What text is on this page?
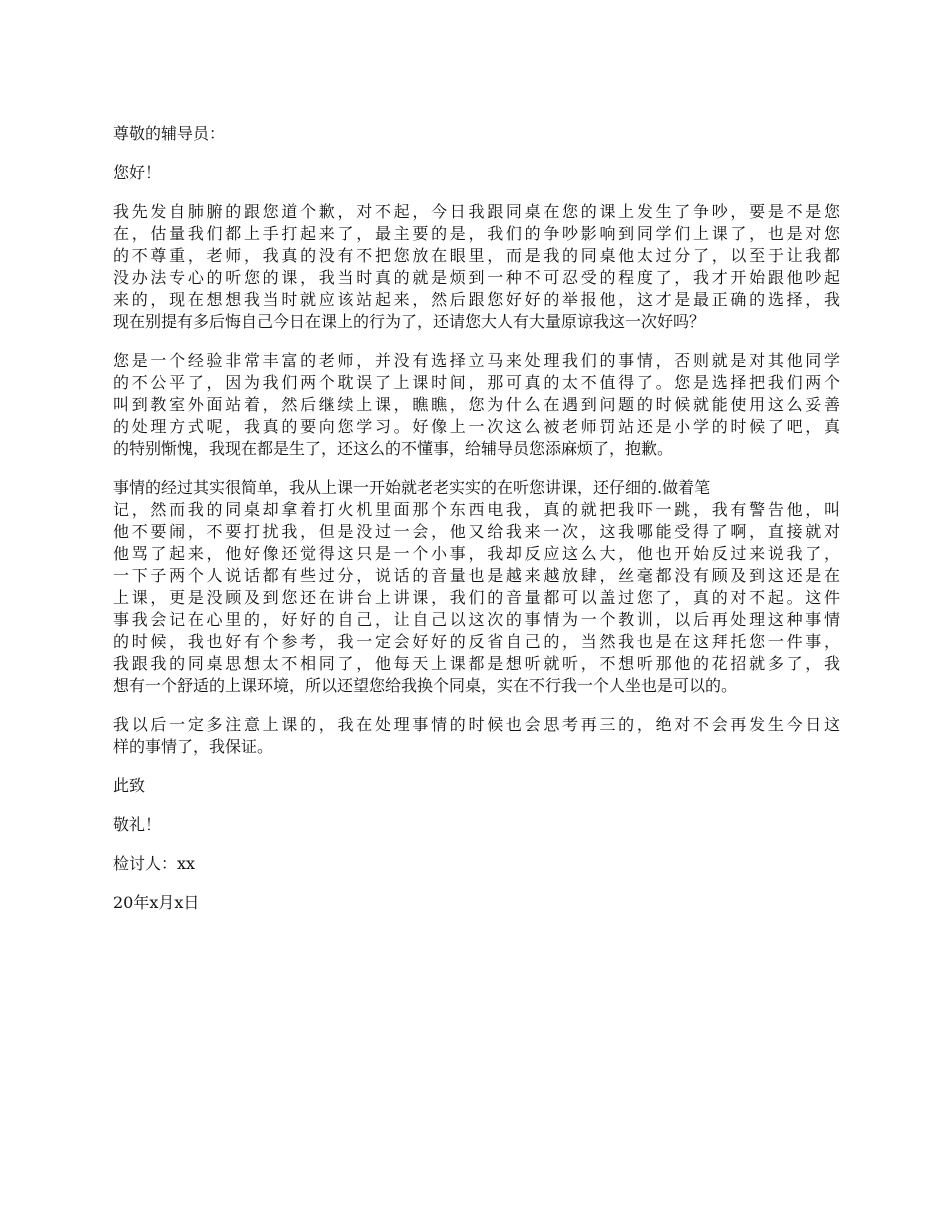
尊敬的辅导员：
您好！
我先发自肺腑的跟您道个歉，对不起，今日我跟同桌在您的课上发生了争吵，要是不是您
在，估量我们都上手打起来了，最主要的是，我们的争吵影响到同学们上课了，也是对您
的不尊重，老师，我真的没有不把您放在眼里，而是我的同桌他太过分了，以至于让我都
没办法专心的听您的课，我当时真的就是烦到一种不可忍受的程度了，我才开始跟他吵起
来的，现在想想我当时就应该站起来，然后跟您好好的举报他，这才是最正确的选择，我
现在别提有多后悔自己今日在课上的行为了，还请您大人有大量原谅我这一次好吗？
您是一个经验非常丰富的老师，并没有选择立马来处理我们的事情，否则就是对其他同学
的不公平了，因为我们两个耽误了上课时间，那可真的太不值得了。您是选择把我们两个
叫到教室外面站着，然后继续上课，瞧瞧，您为什么在遇到问题的时候就能使用这么妥善
的处理方式呢，我真的要向您学习。好像上一次这么被老师罚站还是小学的时候了吧，真
的特别惭愧，我现在都是生了，还这么的不懂事，给辅导员您添麻烦了，抱歉。
事情的经过其实很简单，我从上课一开始就老老实实的在听您讲课，还仔细的.做着笔
记，然而我的同桌却拿着打火机里面那个东西电我，真的就把我吓一跳，我有警告他，叫
他不要闹，不要打扰我，但是没过一会，他又给我来一次，这我哪能受得了啊，直接就对
他骂了起来，他好像还觉得这只是一个小事，我却反应这么大，他也开始反过来说我了，
一下子两个人说话都有些过分，说话的音量也是越来越放肆，丝毫都没有顾及到这还是在
上课，更是没顾及到您还在讲台上讲课，我们的音量都可以盖过您了，真的对不起。这件
事我会记在心里的，好好的自己，让自己以这次的事情为一个教训，以后再处理这种事情
的时候，我也好有个参考，我一定会好好的反省自己的，当然我也是在这拜托您一件事，
我跟我的同桌思想太不相同了，他每天上课都是想听就听，不想听那他的花招就多了，我
想有一个舒适的上课环境，所以还望您给我换个同桌，实在不行我一个人坐也是可以的。
我以后一定多注意上课的，我在处理事情的时候也会思考再三的，绝对不会再发生今日这
样的事情了，我保证。
此致
敬礼！
检讨人：xx
20年x月x日
